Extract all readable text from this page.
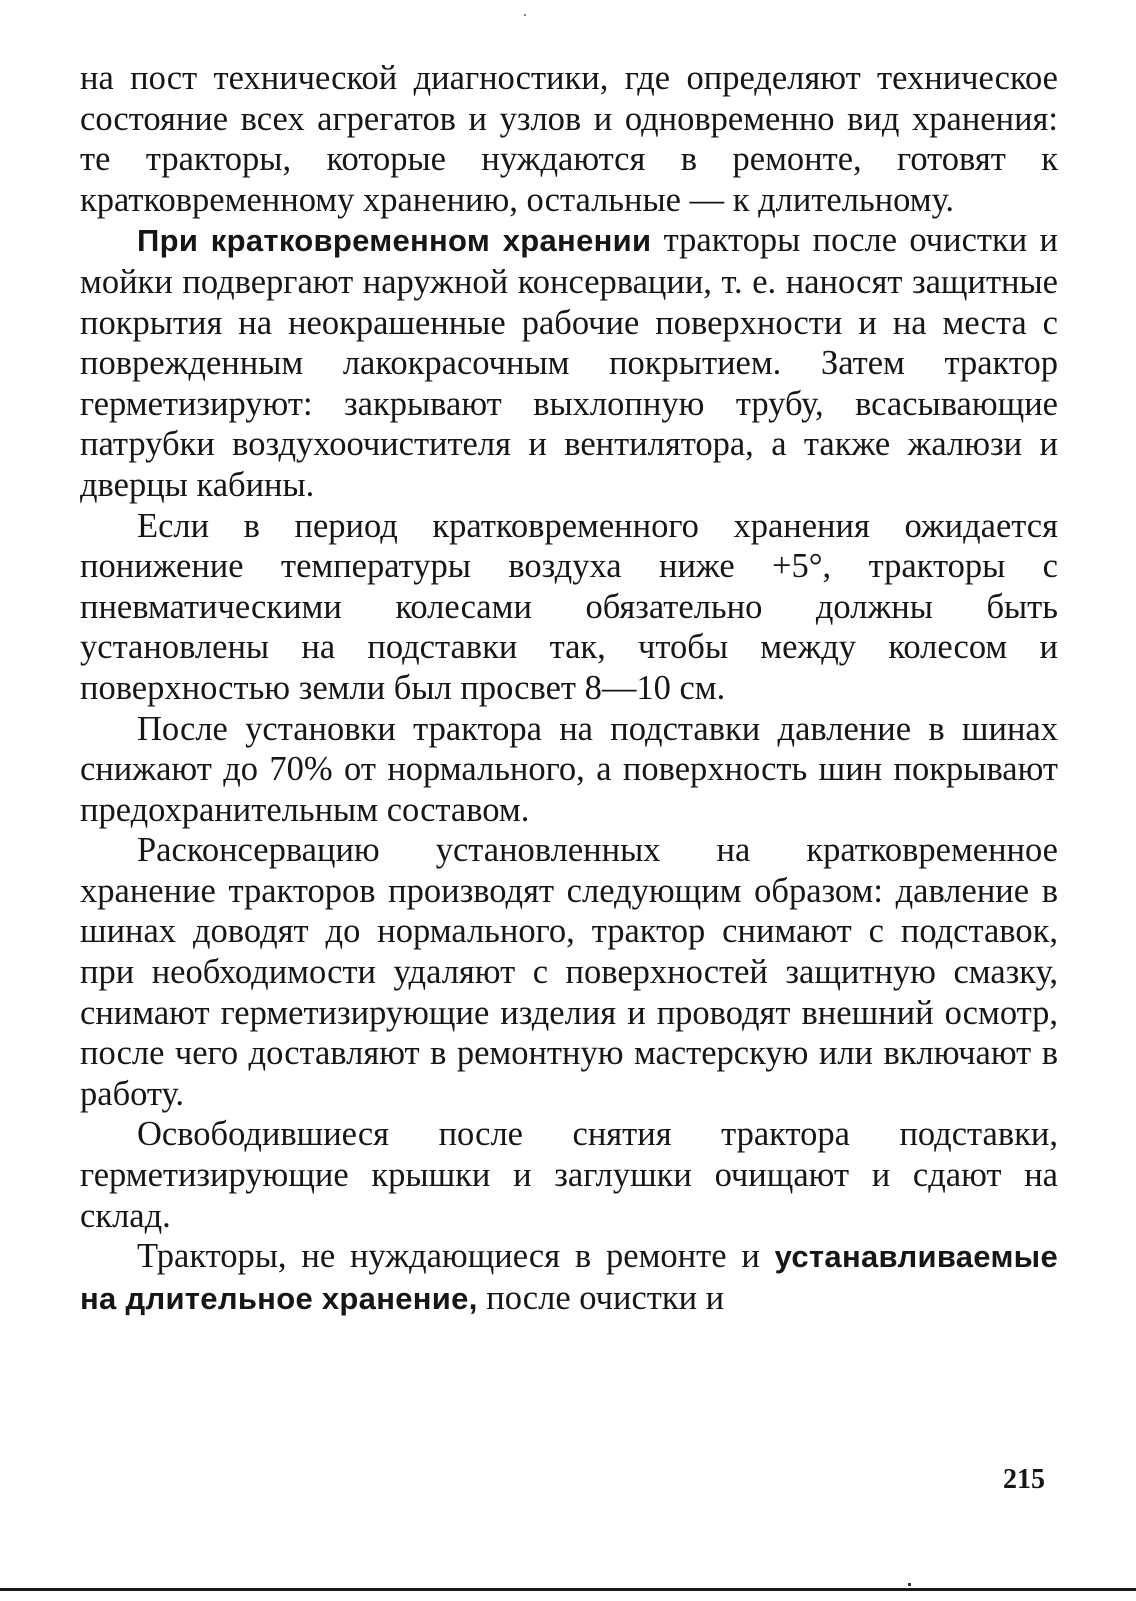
на пост технической диагностики, где определяют техническое состояние всех агрегатов и узлов и одновременно вид хранения: те тракторы, которые нуждаются в ремонте, готовят к кратковременному хранению, остальные — к длительному.

При кратковременном хранении тракторы после очистки и мойки подвергают наружной консервации, т. е. наносят защитные покрытия на неокрашенные рабочие поверхности и на места с поврежденным лакокрасочным покрытием. Затем трактор герметизируют: закрывают выхлопную трубу, всасывающие патрубки воздухоочистителя и вентилятора, а также жалюзи и дверцы кабины.

Если в период кратковременного хранения ожидается понижение температуры воздуха ниже +5°, тракторы с пневматическими колесами обязательно должны быть установлены на подставки так, чтобы между колесом и поверхностью земли был просвет 8—10 см.

После установки трактора на подставки давление в шинах снижают до 70% от нормального, а поверхность шин покрывают предохранительным составом.

Расконсервацию установленных на кратковременное хранение тракторов производят следующим образом: давление в шинах доводят до нормального, трактор снимают с подставок, при необходимости удаляют с поверхностей защитную смазку, снимают герметизирующие изделия и проводят внешний осмотр, после чего доставляют в ремонтную мастерскую или включают в работу.

Освободившиеся после снятия трактора подставки, герметизирующие крышки и заглушки очищают и сдают на склад.

Тракторы, не нуждающиеся в ремонте и устанавливаемые на длительное хранение, после очистки и

215
